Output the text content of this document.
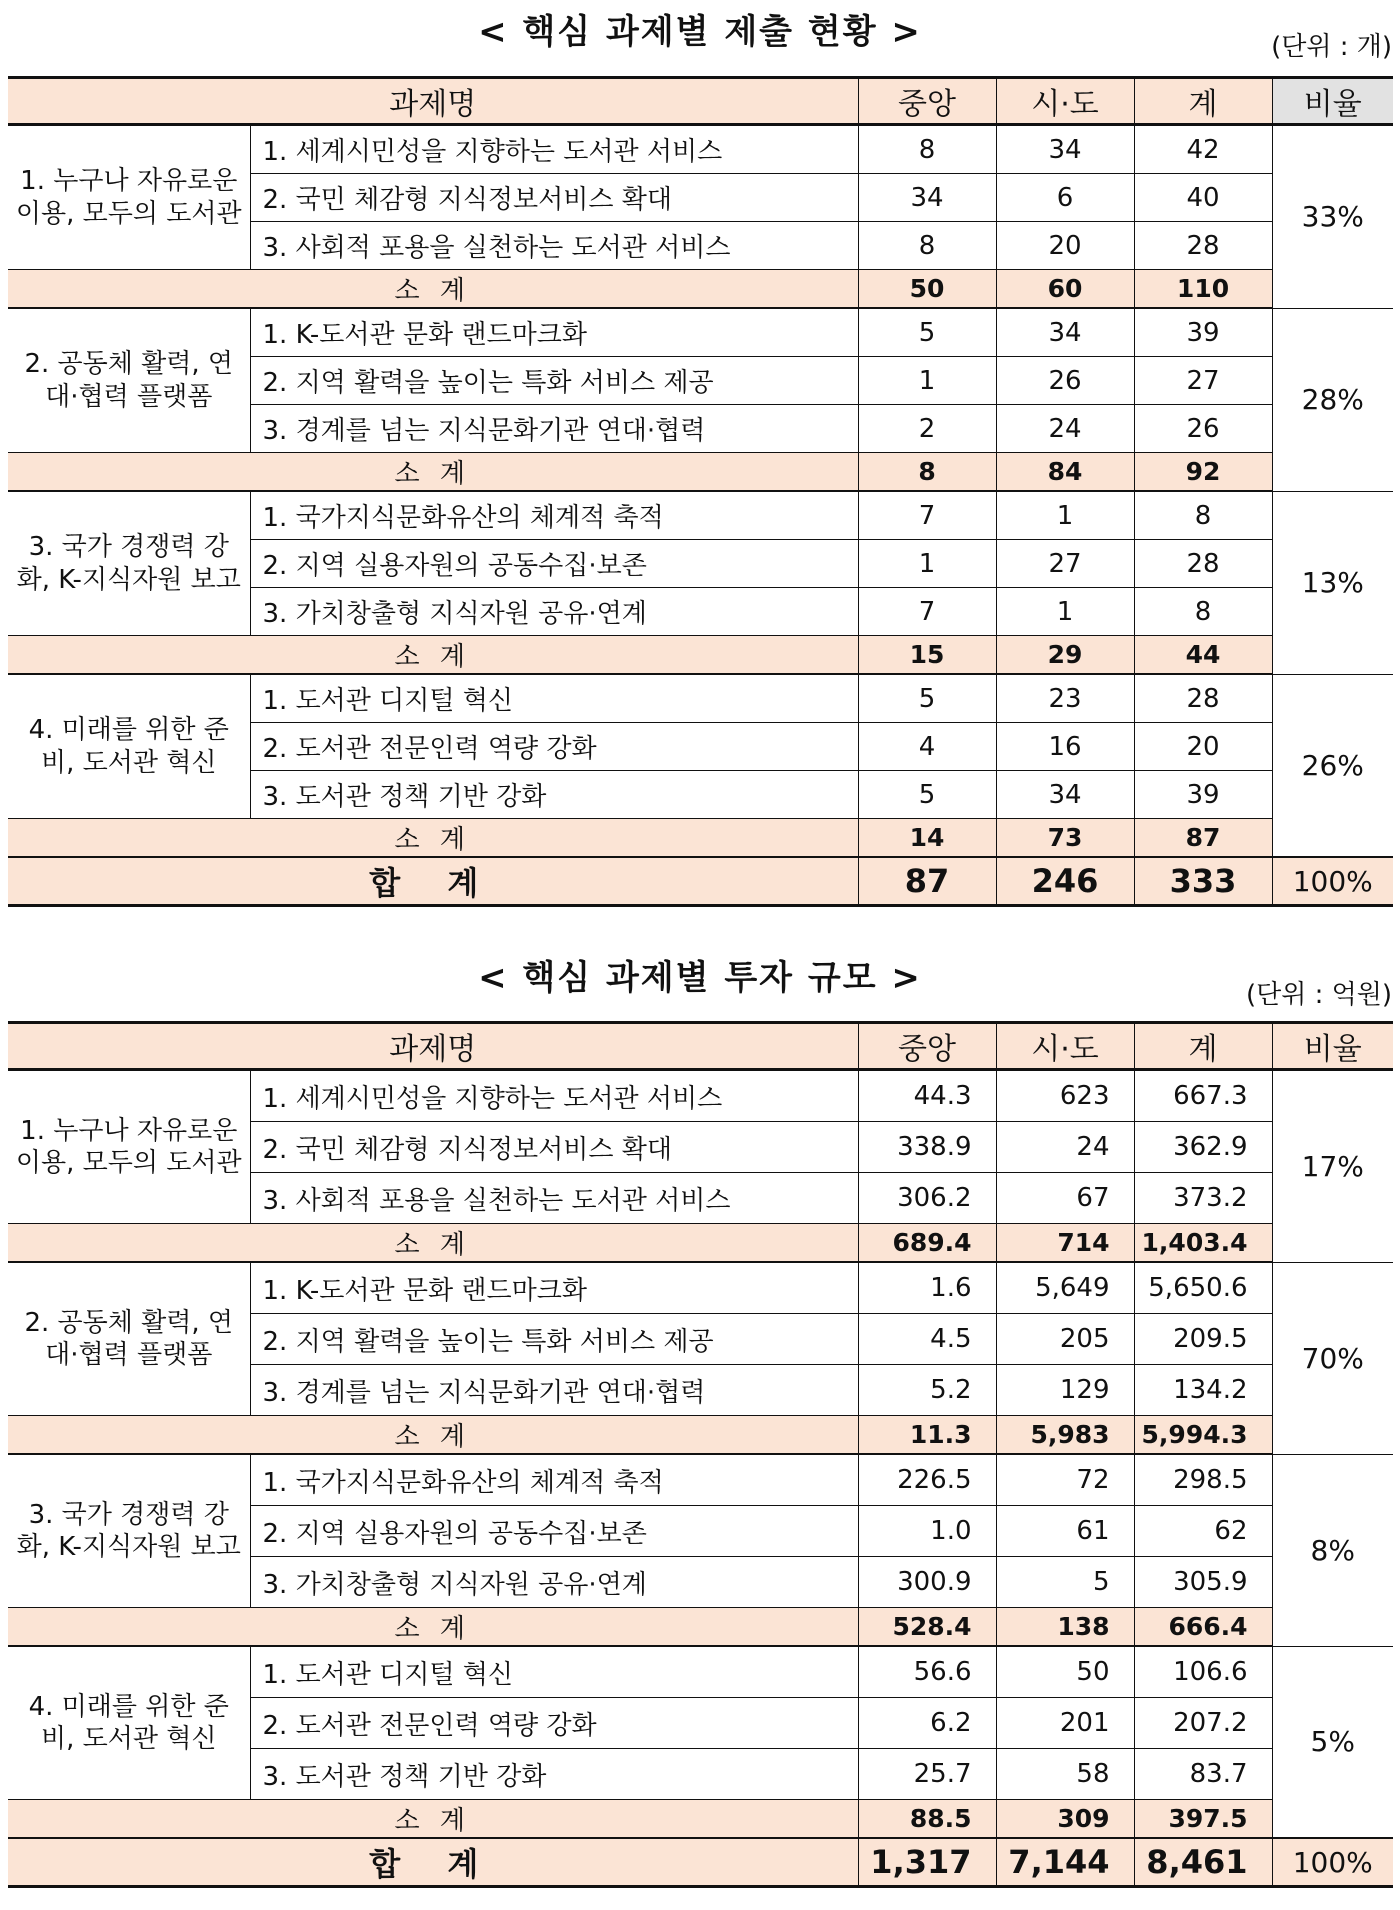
< 핵심 과제별 제출 현황 >	(단위 : 개)
과제명		중앙	시·도	계	비율
1. 누구나 자유로운 이용, 모두의 도서관	1. 세계시민성을 지향하는 도서관 서비스	8	34	42	33%
	2. 국민 체감형 지식정보서비스 확대	34	6	40	
	3. 사회적 포용을 실천하는 도서관 서비스	8	20	28	
소 계		50	60	110	
2. 공동체 활력, 연대·협력 플랫폼	1. K-도서관 문화 랜드마크화	5	34	39	28%
	2. 지역 활력을 높이는 특화 서비스 제공	1	26	27	
	3. 경계를 넘는 지식문화기관 연대·협력	2	24	26	
소 계		8	84	92	
3. 국가 경쟁력 강화, K-지식자원 보고	1. 국가지식문화유산의 체계적 축적	7	1	8	13%
	2. 지역 실용자원의 공동수집·보존	1	27	28	
	3. 가치창출형 지식자원 공유·연계	7	1	8	
소 계		15	29	44	
4. 미래를 위한 준비, 도서관 혁신	1. 도서관 디지털 혁신	5	23	28	26%
	2. 도서관 전문인력 역량 강화	4	16	20	
	3. 도서관 정책 기반 강화	5	34	39	
소 계		14	73	87	
합 계		87	246	333	100%
< 핵심 과제별 투자 규모 >	(단위 : 억원)
과제명		중앙	시·도	계	비율
1. 누구나 자유로운 이용, 모두의 도서관	1. 세계시민성을 지향하는 도서관 서비스	44.3	623	667.3	17%
	2. 국민 체감형 지식정보서비스 확대	338.9	24	362.9	
	3. 사회적 포용을 실천하는 도서관 서비스	306.2	67	373.2	
소 계		689.4	714	1,403.4	
2. 공동체 활력, 연대·협력 플랫폼	1. K-도서관 문화 랜드마크화	1.6	5,649	5,650.6	70%
	2. 지역 활력을 높이는 특화 서비스 제공	4.5	205	209.5	
	3. 경계를 넘는 지식문화기관 연대·협력	5.2	129	134.2	
소 계		11.3	5,983	5,994.3	
3. 국가 경쟁력 강화, K-지식자원 보고	1. 국가지식문화유산의 체계적 축적	226.5	72	298.5	8%
	2. 지역 실용자원의 공동수집·보존	1.0	61	62	
	3. 가치창출형 지식자원 공유·연계	300.9	5	305.9	
소 계		528.4	138	666.4	
4. 미래를 위한 준비, 도서관 혁신	1. 도서관 디지털 혁신	56.6	50	106.6	5%
	2. 도서관 전문인력 역량 강화	6.2	201	207.2	
	3. 도서관 정책 기반 강화	25.7	58	83.7	
소 계		88.5	309	397.5	
합 계		1,317	7,144	8,461	100%
